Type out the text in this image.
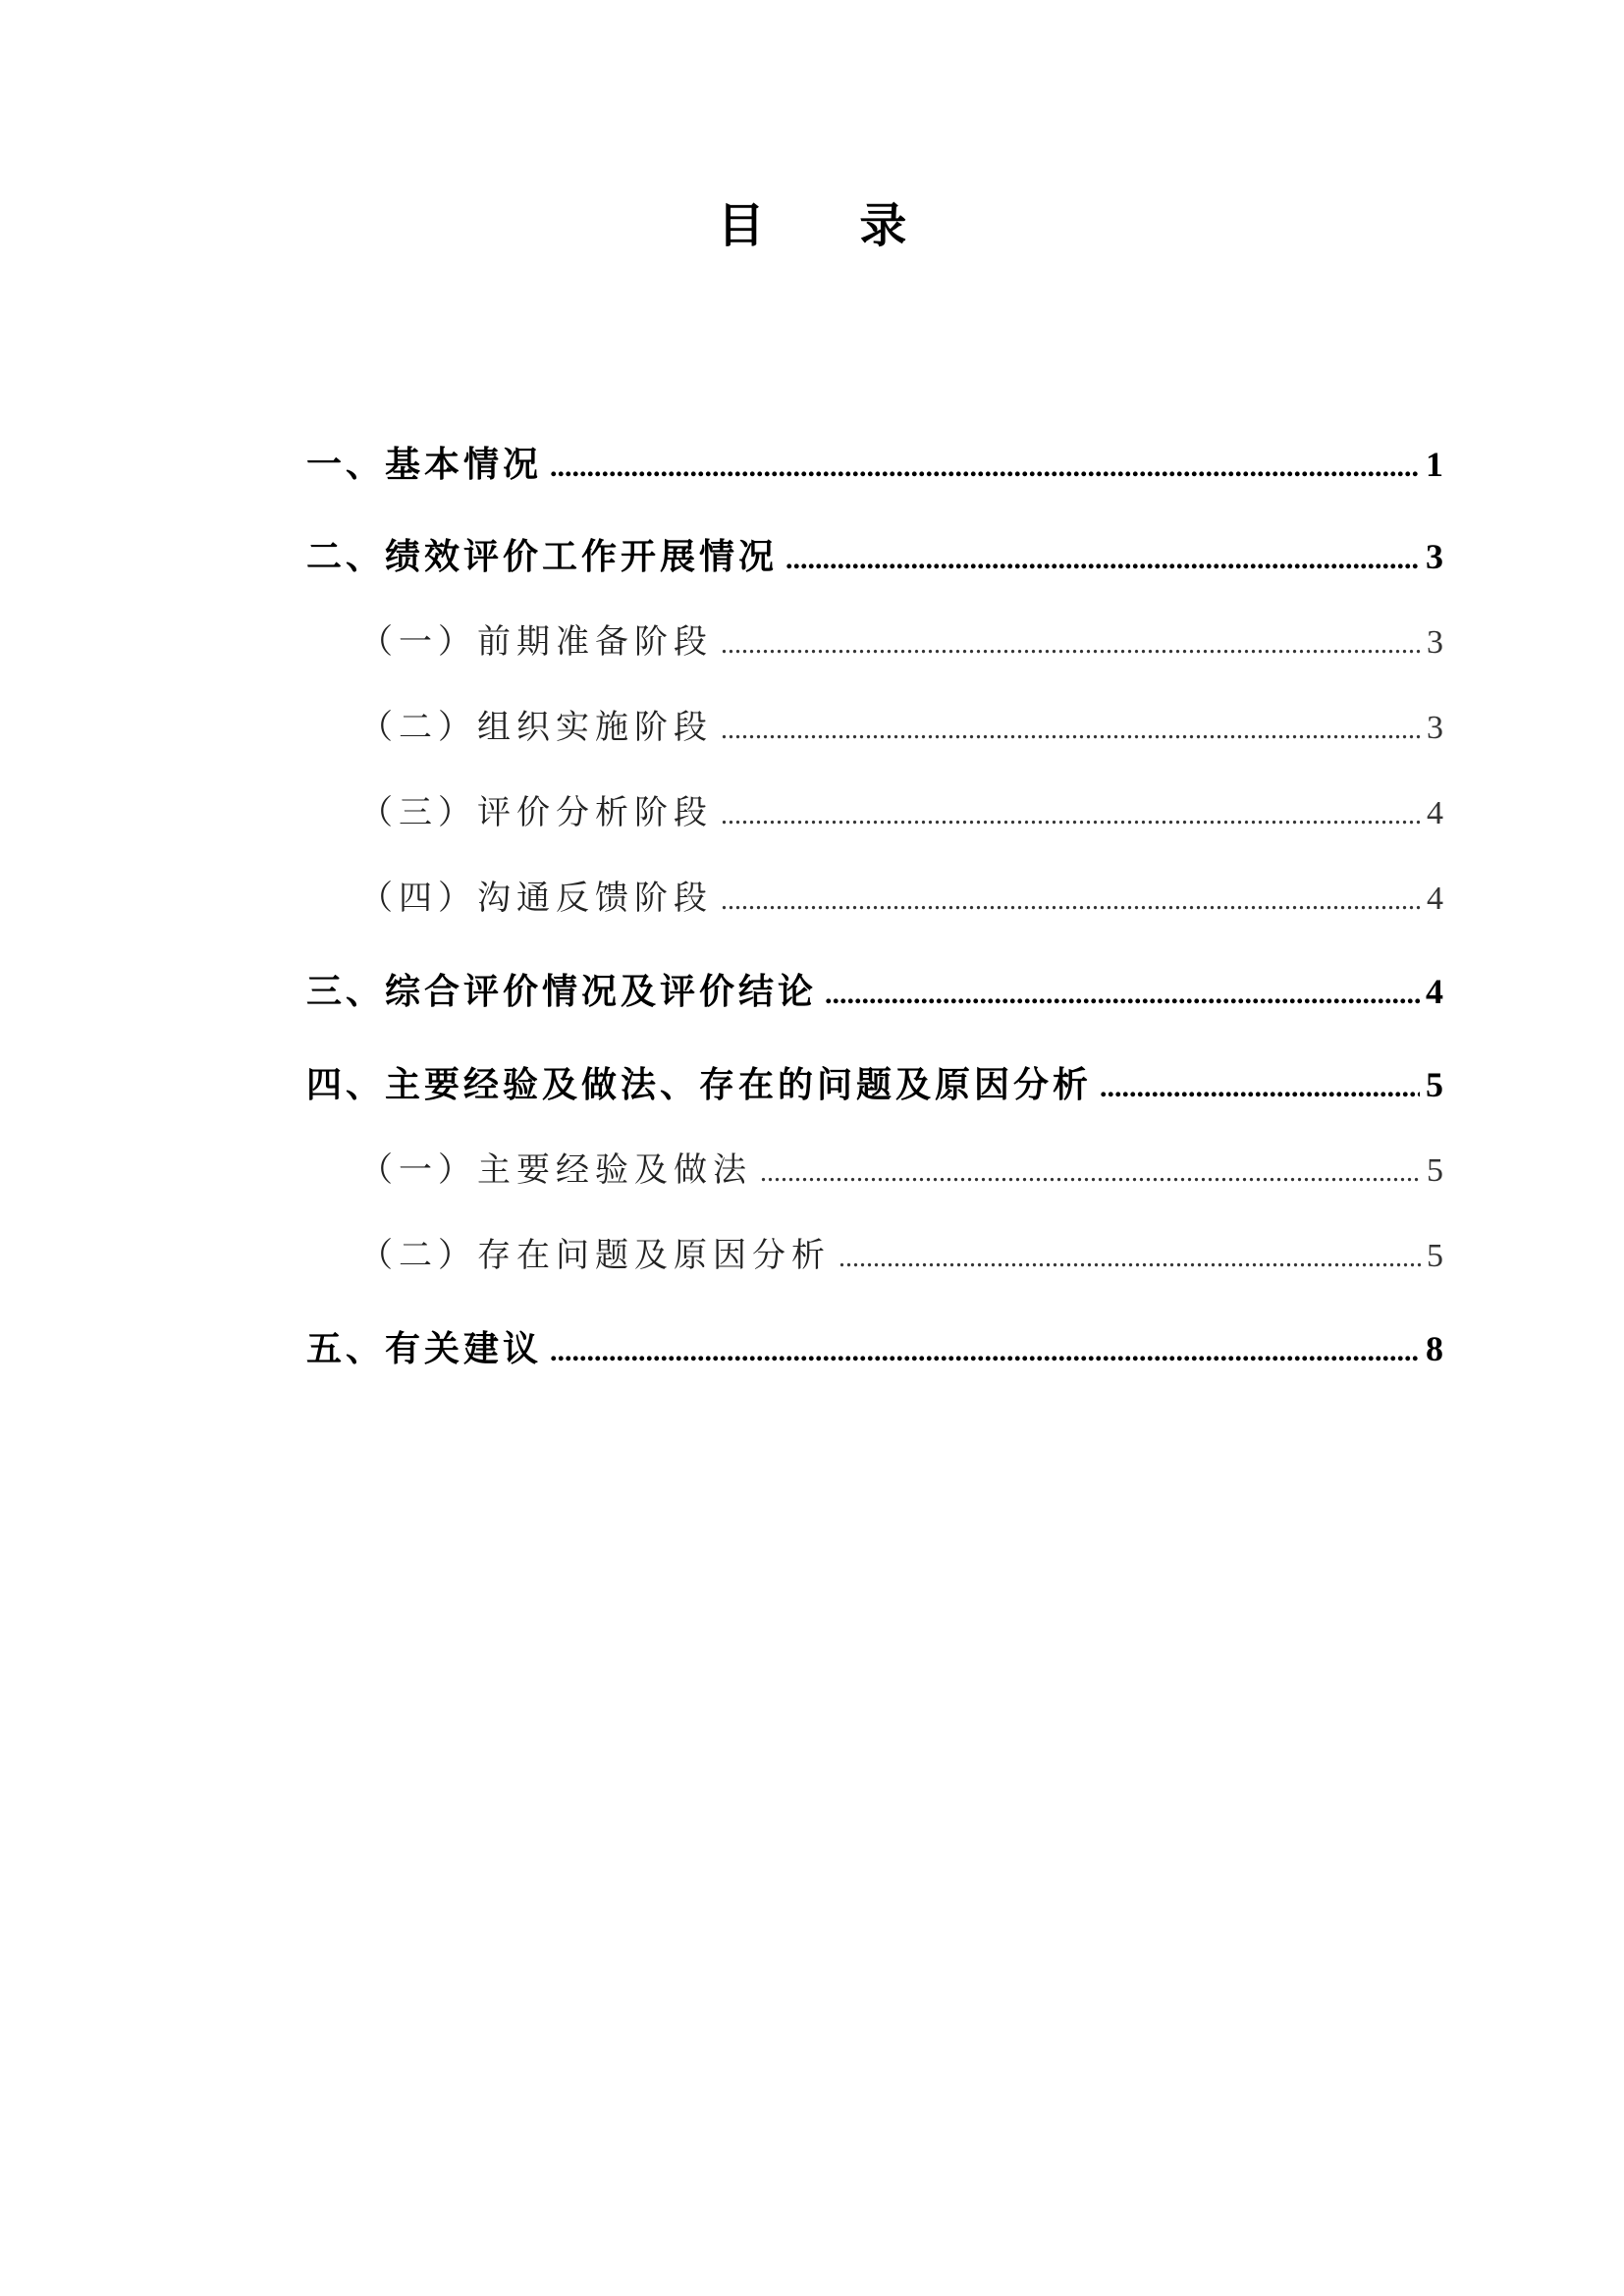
目 录
一、基本情况 .....	1
二、绩效评价工作开展情况 .....	3
（一）前期准备阶段 .....	3
（二）组织实施阶段 .....	3
（三）评价分析阶段 .....	4
（四）沟通反馈阶段 .....	4
三、综合评价情况及评价结论 .....	4
四、主要经验及做法、存在的问题及原因分析 .....	5
（一）主要经验及做法 .....	5
（二）存在问题及原因分析 .....	5
五、有关建议 .....	8
